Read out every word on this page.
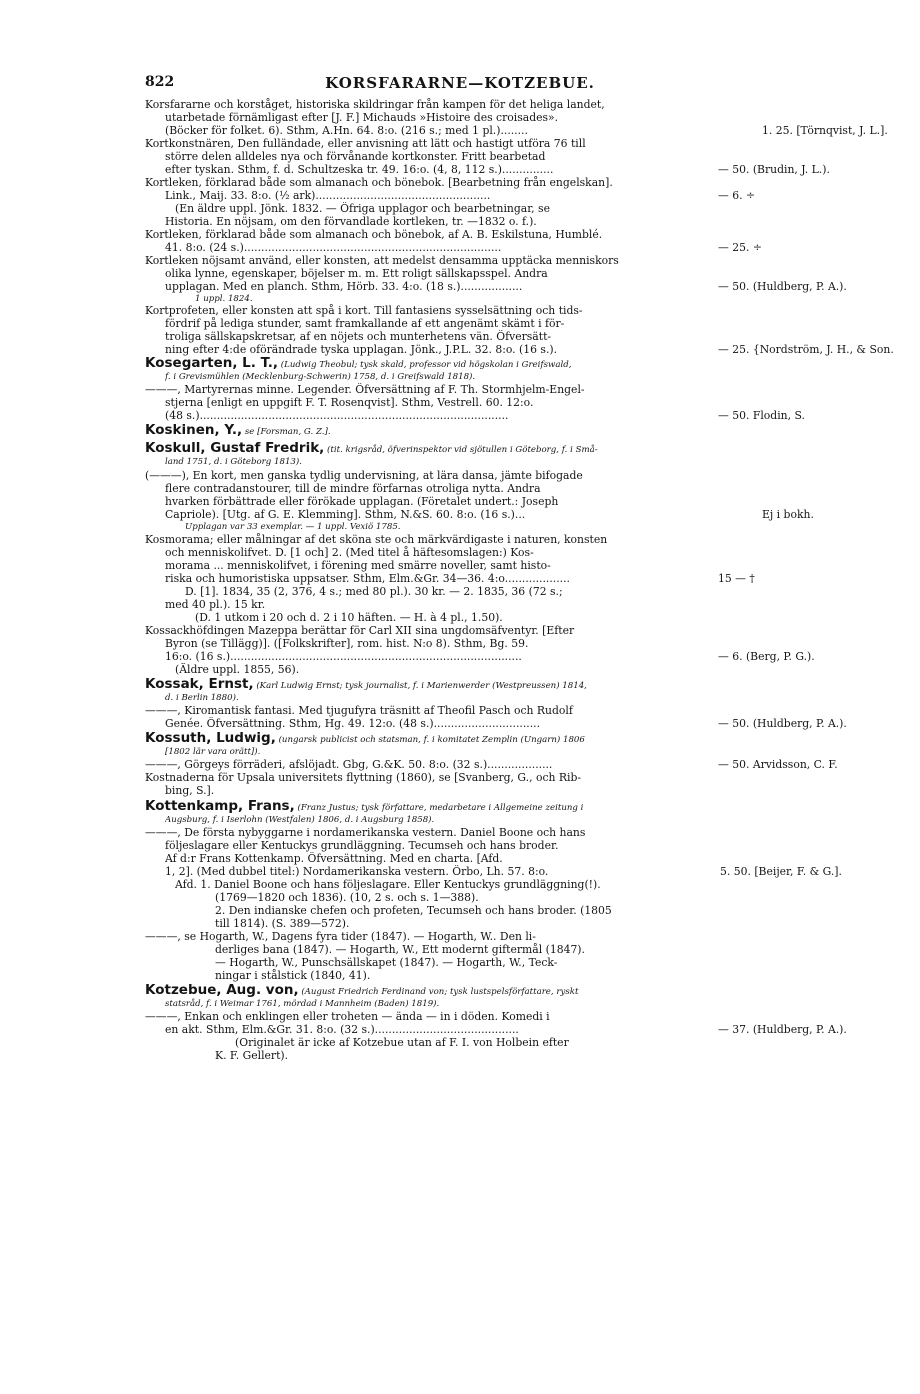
822	KORSFARARNE—KOTZEBUE.
Korsfararne och korståget, historiska skildringar från kampen för det heliga landet,
utarbetade förnämligast efter [J. F.] Michauds »Histoire des croisades».
(Böcker för folket. 6). Sthm, A.Hn. 64. 8:o. (216 s.; med 1 pl.)........	1. 25. [Törnqvist, J. L.].
Kortkonstnären, Den fulländade, eller anvisning att lätt och hastigt utföra 76 till
större delen alldeles nya och förvånande kortkonster. Fritt bearbetad
efter tyskan. Sthm, f. d. Schultzeska tr. 49. 16:o. (4, 8, 112 s.)...............	— 50. (Brudin, J. L.).
Kortleken, förklarad både som almanach och bönebok. [Bearbetning från engelskan].
Link., Maij. 33. 8:o. (½ ark)...................................................	— 6. ÷
(En äldre uppl. Jönk. 1832. — Öfriga upplagor och bearbetningar, se
Historia. En nöjsam, om den förvandlade kortleken, tr. —1832 o. f.).
Kortleken, förklarad både som almanach och bönebok, af A. B. Eskilstuna, Humblé.
41. 8:o. (24 s.)...........................................................................	— 25. ÷
Kortleken nöjsamt använd, eller konsten, att medelst densamma upptäcka menniskors
olika lynne, egenskaper, böjelser m. m. Ett roligt sällskapsspel. Andra
upplagan. Med en planch. Sthm, Hörb. 33. 4:o. (18 s.)..................	— 50. (Huldberg, P. A.).
1 uppl. 1824.
Kortprofeten, eller konsten att spå i kort. Till fantasiens sysselsättning och tids-
fördrif på lediga stunder, samt framkallande af ett angenämt skämt i för-
troliga sällskapskretsar, af en nöjets och munterhetens vän. Öfversätt-
ning efter 4:de oförändrade tyska upplagan. Jönk., J.P.L. 32. 8:o. (16 s.).	— 25. {Nordström, J. H., & Son.
Kosegarten, L. T., (Ludwig Theobul; tysk skald, professor vid högskolan i Greifswald,
f. i Grevismühlen (Mecklenburg-Schwerin) 1758, d. i Greifswald 1818).
———, Martyrernas minne. Legender. Öfversättning af F. Th. Stormhjelm-Engel-
stjerna [enligt en uppgift F. T. Rosenqvist]. Sthm, Vestrell. 60. 12:o.
(48 s.)..........................................................................................	— 50. Flodin, S.
Koskinen, Y., se [Forsman, G. Z.].
Koskull, Gustaf Fredrik, (tit. krigsråd, öfverinspektor vid sjötullen i Göteborg, f. i Små-
land 1751, d. i Göteborg 1813).
(———), En kort, men ganska tydlig undervisning, at lära dansa, jämte bifogade
flere contradanstourer, till de mindre förfarnas otroliga nytta. Andra
hvarken förbättrade eller förökade upplagan. (Företalet undert.: Joseph
Capriole). [Utg. af G. E. Klemming]. Sthm, N.&S. 60. 8:o. (16 s.)...	Ej i bokh.
Upplagan var 33 exemplar. — 1 uppl. Vexiö 1785.
Kosmorama; eller målningar af det sköna ste och märkvärdigaste i naturen, konsten
och menniskolifvet. D. [1 och] 2. (Med titel å häftesomslagen:) Kos-
morama ... menniskolifvet, i förening med smärre noveller, samt histo-
riska och humoristiska uppsatser. Sthm, Elm.&Gr. 34—36. 4:o...................	15 — †
D. [1]. 1834, 35 (2, 376, 4 s.; med 80 pl.). 30 kr. — 2. 1835, 36 (72 s.;
med 40 pl.). 15 kr.
(D. 1 utkom i 20 och d. 2 i 10 häften. — H. à 4 pl., 1.50).
Kossackhöfdingen Mazeppa berättar för Carl XII sina ungdomsäfventyr. [Efter
Byron (se Tillägg)]. ([Folkskrifter], rom. hist. N:o 8). Sthm, Bg. 59.
16:o. (16 s.).....................................................................................	— 6. (Berg, P. G.).
(Äldre uppl. 1855, 56).
Kossak, Ernst, (Karl Ludwig Ernst; tysk journalist, f. i Marienwerder (Westpreussen) 1814,
d. i Berlin 1880).
———, Kiromantisk fantasi. Med tjugufyra träsnitt af Theofil Pasch och Rudolf
Genée. Öfversättning. Sthm, Hg. 49. 12:o. (48 s.)...............................	— 50. (Huldberg, P. A.).
Kossuth, Ludwig, (ungarsk publicist och statsman, f. i komitatet Zemplin (Ungarn) 1806
[1802 lär vara orätt]).
———, Görgeys förräderi, afslöjadt. Gbg, G.&K. 50. 8:o. (32 s.)...................	— 50. Arvidsson, C. F.
Kostnaderna för Upsala universitets flyttning (1860), se [Svanberg, G., och Rib-
bing, S.].
Kottenkamp, Frans, (Franz Justus; tysk författare, medarbetare i Allgemeine zeitung i
Augsburg, f. i Iserlohn (Westfalen) 1806, d. i Augsburg 1858).
———, De första nybyggarne i nordamerikanska vestern. Daniel Boone och hans
följeslagare eller Kentuckys grundläggning. Tecumseh och hans broder.
Af d:r Frans Kottenkamp. Öfversättning. Med en charta. [Afd.
1, 2]. (Med dubbel titel:) Nordamerikanska vestern. Örbo, Lh. 57. 8:o.	5. 50. [Beijer, F. & G.].
Afd. 1. Daniel Boone och hans följeslagare. Eller Kentuckys grundläggning(!).
(1769—1820 och 1836). (10, 2 s. och s. 1—388).
2. Den indianske chefen och profeten, Tecumseh och hans broder. (1805
till 1814). (S. 389—572).
———, se Hogarth, W., Dagens fyra tider (1847). — Hogarth, W.. Den li-
derliges bana (1847). — Hogarth, W., Ett modernt giftermål (1847).
— Hogarth, W., Punschsällskapet (1847). — Hogarth, W., Teck-
ningar i stålstick (1840, 41).
Kotzebue, Aug. von, (August Friedrich Ferdinand von; tysk lustspelsförfattare, ryskt
statsråd, f. i Weimar 1761, mördad i Mannheim (Baden) 1819).
———, Enkan och enklingen eller troheten — ända — in i döden. Komedi i
en akt. Sthm, Elm.&Gr. 31. 8:o. (32 s.)..........................................	— 37. (Huldberg, P. A.).
(Originalet är icke af Kotzebue utan af F. I. von Holbein efter
K. F. Gellert).
